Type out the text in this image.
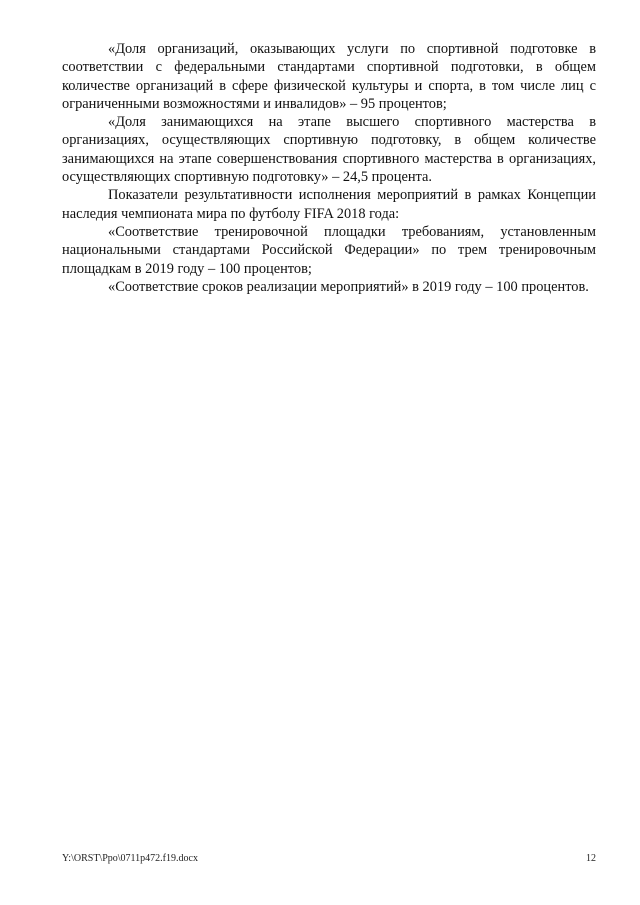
«Доля организаций, оказывающих услуги по спортивной подготовке в соответствии с федеральными стандартами спортивной подготовки, в общем количестве организаций в сфере физической культуры и спорта, в том числе лиц с ограниченными возможностями и инвалидов» – 95 процентов;

«Доля занимающихся на этапе высшего спортивного мастерства в организациях, осуществляющих спортивную подготовку, в общем количестве занимающихся на этапе совершенствования спортивного мастерства в организациях, осуществляющих спортивную подготовку» – 24,5 процента.

Показатели результативности исполнения мероприятий в рамках Концепции наследия чемпионата мира по футболу FIFA 2018 года:

«Соответствие тренировочной площадки требованиям, установленным национальными стандартами Российской Федерации» по трем тренировочным площадкам в 2019 году – 100 процентов;

«Соответствие сроков реализации мероприятий» в 2019 году – 100 процентов.

Y:\ORST\Ppo\0711p472.f19.docx	12
